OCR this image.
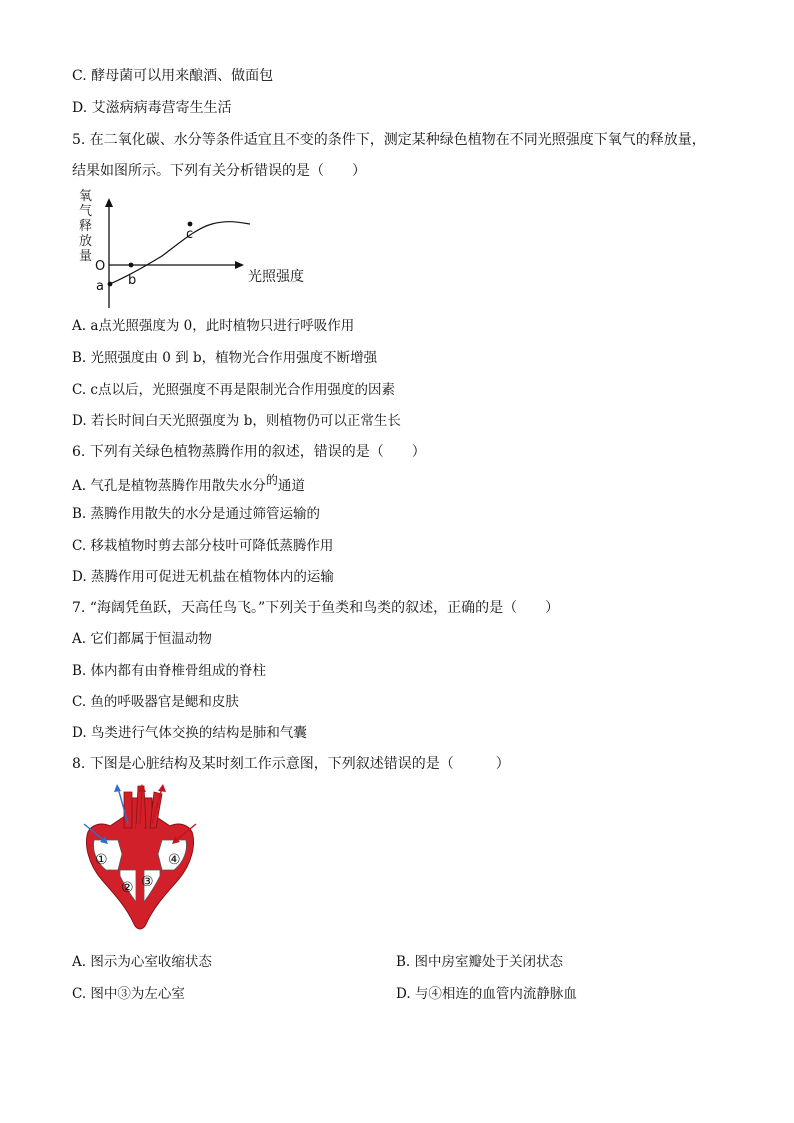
C. 酵母菌可以用来酿酒、做面包
D. 艾滋病病毒营寄生生活
5. 在二氧化碳、水分等条件适宜且不变的条件下，测定某种绿色植物在不同光照强度下氧气的释放量，
结果如图所示。下列有关分析错误的是（　　）
氧
气
释
放
量
O
a b
c
光照强度
A. a点光照强度为 0，此时植物只进行呼吸作用
B. 光照强度由 0 到 b，植物光合作用强度不断增强
C. c点以后，光照强度不再是限制光合作用强度的因素
D. 若长时间白天光照强度为 b，则植物仍可以正常生长
6. 下列有关绿色植物蒸腾作用的叙述，错误的是（　　）
A. 气孔是植物蒸腾作用散失水分的通道
B. 蒸腾作用散失的水分是通过筛管运输的
C. 移栽植物时剪去部分枝叶可降低蒸腾作用
D. 蒸腾作用可促进无机盐在植物体内的运输
7. “海阔凭鱼跃，天高任鸟飞。”下列关于鱼类和鸟类的叙述，正确的是（　　）
A. 它们都属于恒温动物
B. 体内都有由脊椎骨组成的脊柱
C. 鱼的呼吸器官是鳃和皮肤
D. 鸟类进行气体交换的结构是肺和气囊
8. 下图是心脏结构及某时刻工作示意图，下列叙述错误的是（　　　）
①
② ③
④
A. 图示为心室收缩状态	B. 图中房室瓣处于关闭状态
C. 图中③为左心室	D. 与④相连的血管内流静脉血
